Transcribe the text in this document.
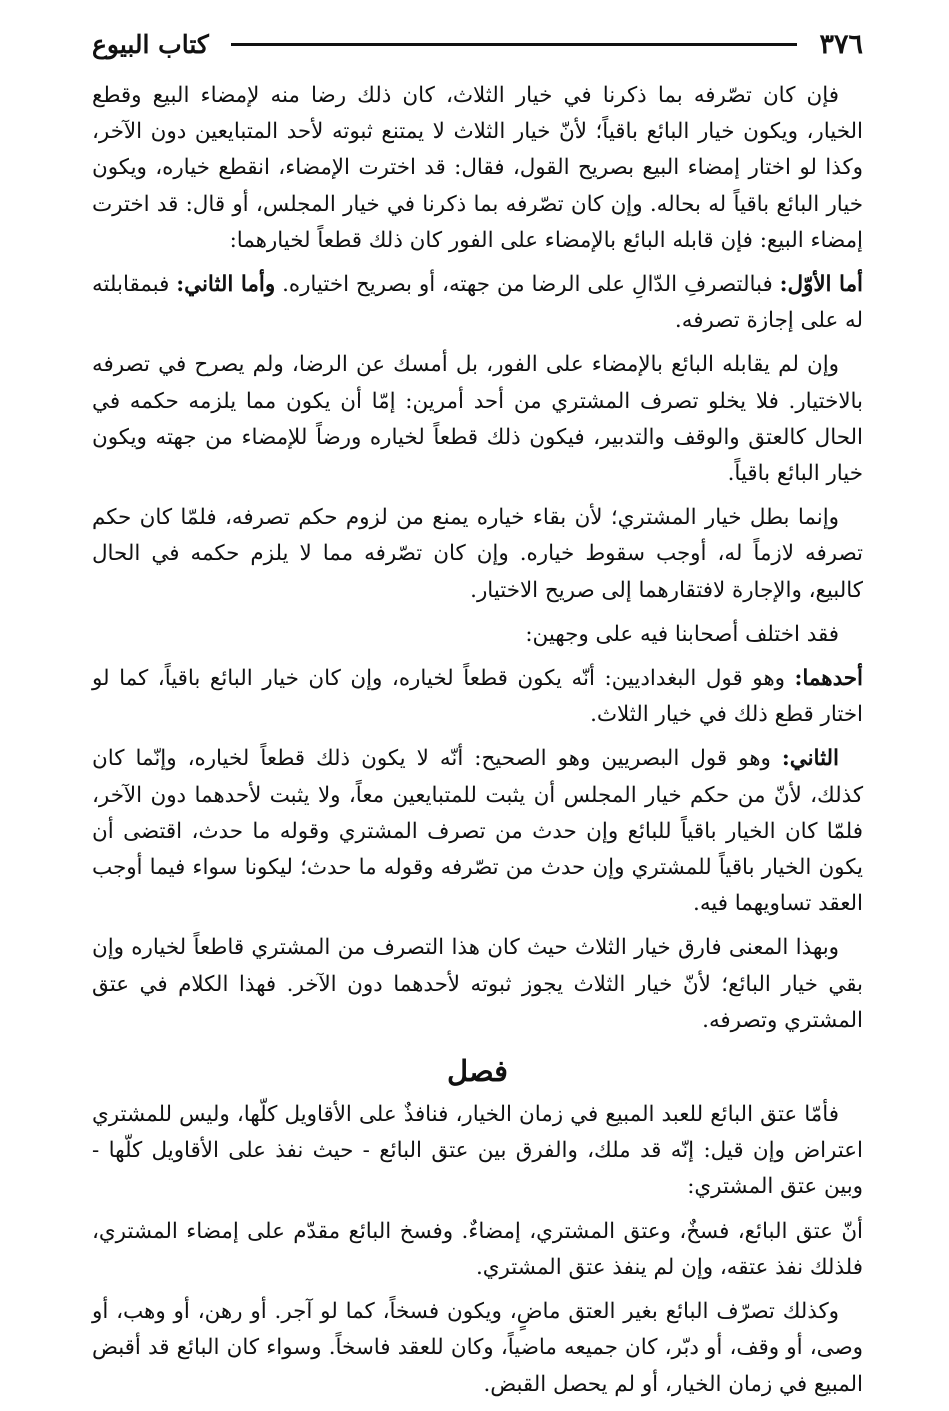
٣٧٦
كتاب البيوع

فإن كان تصّرفه بما ذكرنا في خيار الثلاث، كان ذلك رضا منه لإمضاء البيع وقطع الخيار، ويكون خيار البائع باقياً؛ لأنّ خيار الثلاث لا يمتنع ثبوته لأحد المتبايعين دون الآخر، وكذا لو اختار إمضاء البيع بصريح القول، فقال: قد اخترت الإمضاء، انقطع خياره، ويكون خيار البائع باقياً له بحاله. وإن كان تصّرفه بما ذكرنا في خيار المجلس، أو قال: قد اخترت إمضاء البيع: فإن قابله البائع بالإمضاء على الفور كان ذلك قطعاً لخيارهما:

أما الأوّل: فبالتصرفِ الدّالِ على الرضا من جهته، أو بصريح اختياره. وأما الثاني: فبمقابلته له على إجازة تصرفه.

وإن لم يقابله البائع بالإمضاء على الفور، بل أمسك عن الرضا، ولم يصرح في تصرفه بالاختيار. فلا يخلو تصرف المشتري من أحد أمرين: إمّا أن يكون مما يلزمه حكمه في الحال كالعتق والوقف والتدبير، فيكون ذلك قطعاً لخياره ورضاً للإمضاء من جهته ويكون خيار البائع باقياً.

وإنما بطل خيار المشتري؛ لأن بقاء خياره يمنع من لزوم حكم تصرفه، فلمّا كان حكم تصرفه لازماً له، أوجب سقوط خياره. وإن كان تصّرفه مما لا يلزم حكمه في الحال كالبيع، والإجارة لافتقارهما إلى صريح الاختيار.

فقد اختلف أصحابنا فيه على وجهين:

أحدهما: وهو قول البغداديين: أنّه يكون قطعاً لخياره، وإن كان خيار البائع باقياً، كما لو اختار قطع ذلك في خيار الثلاث.

الثاني: وهو قول البصريين وهو الصحيح: أنّه لا يكون ذلك قطعاً لخياره، وإنّما كان كذلك، لأنّ من حكم خيار المجلس أن يثبت للمتبايعين معاً، ولا يثبت لأحدهما دون الآخر، فلمّا كان الخيار باقياً للبائع وإن حدث من تصرف المشتري وقوله ما حدث، اقتضى أن يكون الخيار باقياً للمشتري وإن حدث من تصّرفه وقوله ما حدث؛ ليكونا سواء فيما أوجب العقد تساويهما فيه.

وبهذا المعنى فارق خيار الثلاث حيث كان هذا التصرف من المشتري قاطعاً لخياره وإن بقي خيار البائع؛ لأنّ خيار الثلاث يجوز ثبوته لأحدهما دون الآخر. فهذا الكلام في عتق المشتري وتصرفه.

فصل

فأمّا عتق البائع للعبد المبيع في زمان الخيار، فنافذٌ على الأقاويل كلّها، وليس للمشتري اعتراض وإن قيل: إنّه قد ملك، والفرق بين عتق البائع - حيث نفذ على الأقاويل كلّها - وبين عتق المشتري:

أنّ عتق البائع، فسخٌ، وعتق المشتري، إمضاءٌ. وفسخ البائع مقدّم على إمضاء المشتري، فلذلك نفذ عتقه، وإن لم ينفذ عتق المشتري.

وكذلك تصرّف البائع بغير العتق ماضٍ، ويكون فسخاً، كما لو آجر. أو رهن، أو وهب، أو وصى، أو وقف، أو دبّر، كان جميعه ماضياً، وكان للعقد فاسخاً. وسواء كان البائع قد أقبض المبيع في زمان الخيار، أو لم يحصل القبض.
